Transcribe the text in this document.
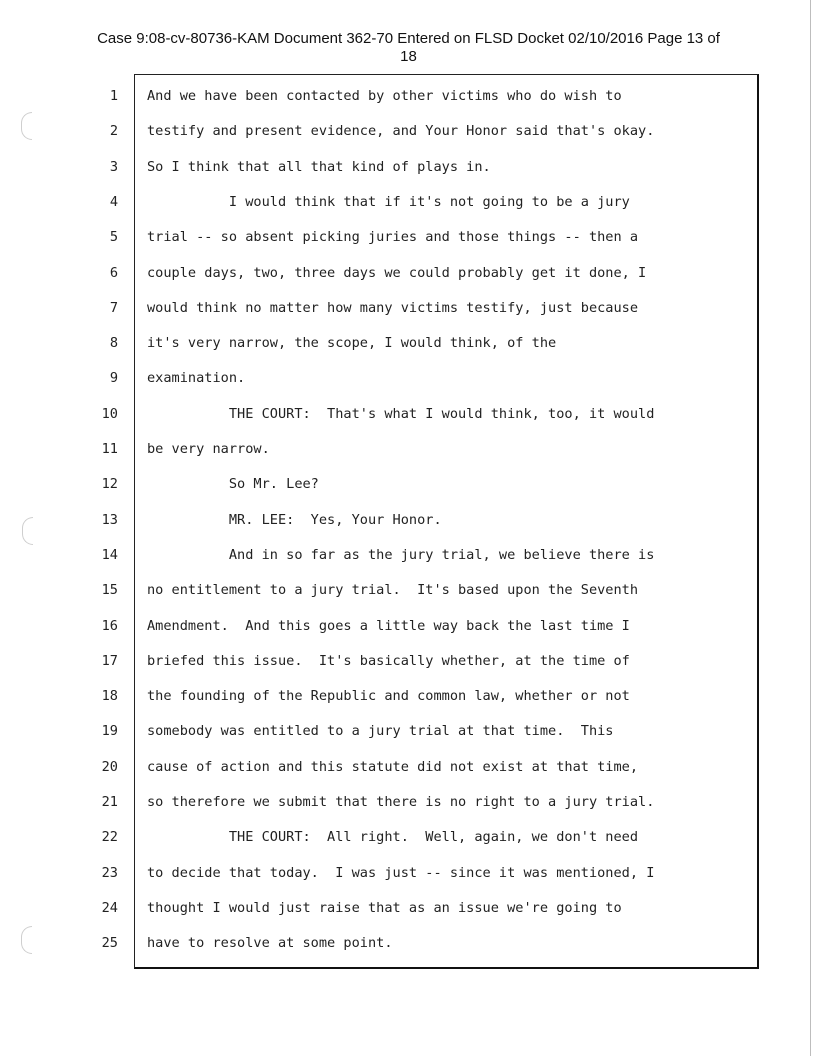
Case 9:08-cv-80736-KAM Document 362-70 Entered on FLSD Docket 02/10/2016 Page 13 of
18
1 And we have been contacted by other victims who do wish to
2 testify and present evidence, and Your Honor said that's okay.
3 So I think that all that kind of plays in.
4 I would think that if it's not going to be a jury
5 trial -- so absent picking juries and those things -- then a
6 couple days, two, three days we could probably get it done, I
7 would think no matter how many victims testify, just because
8 it's very narrow, the scope, I would think, of the
9 examination.
10 THE COURT:  That's what I would think, too, it would
11 be very narrow.
12 So Mr. Lee?
13 MR. LEE:  Yes, Your Honor.
14 And in so far as the jury trial, we believe there is
15 no entitlement to a jury trial.  It's based upon the Seventh
16 Amendment.  And this goes a little way back the last time I
17 briefed this issue.  It's basically whether, at the time of
18 the founding of the Republic and common law, whether or not
19 somebody was entitled to a jury trial at that time.  This
20 cause of action and this statute did not exist at that time,
21 so therefore we submit that there is no right to a jury trial.
22 THE COURT:  All right.  Well, again, we don't need
23 to decide that today.  I was just -- since it was mentioned, I
24 thought I would just raise that as an issue we're going to
25 have to resolve at some point.
